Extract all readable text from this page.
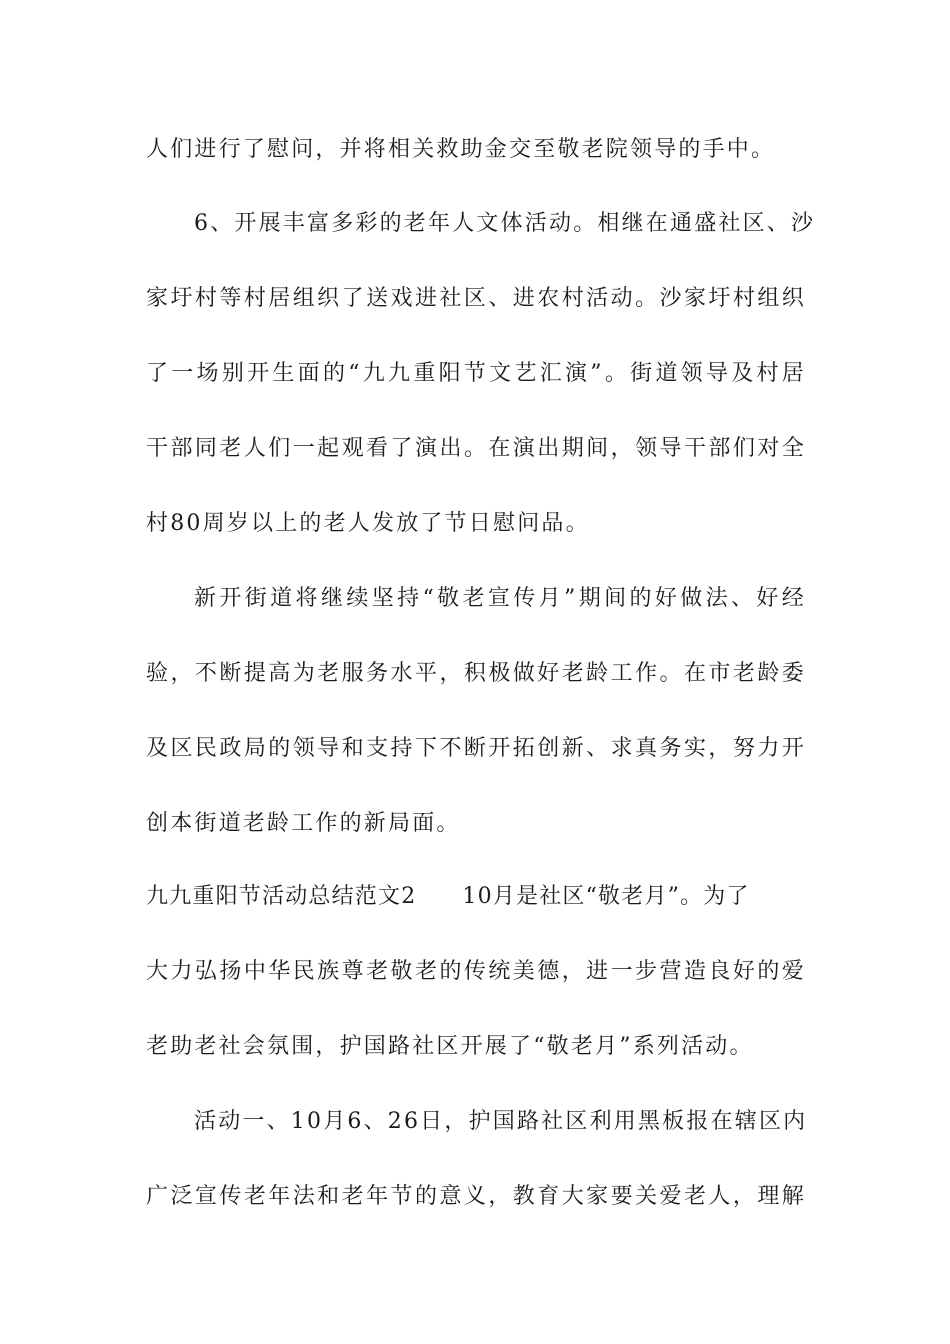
人们进行了慰问，并将相关救助金交至敬老院领导的手中。
6、开展丰富多彩的老年人文体活动。相继在通盛社区、沙
家圩村等村居组织了送戏进社区、进农村活动。沙家圩村组织
了一场别开生面的“九九重阳节文艺汇演”。街道领导及村居
干部同老人们一起观看了演出。在演出期间，领导干部们对全
村80周岁以上的老人发放了节日慰问品。
新开街道将继续坚持“敬老宣传月”期间的好做法、好经
验，不断提高为老服务水平，积极做好老龄工作。在市老龄委
及区民政局的领导和支持下不断开拓创新、求真务实，努力开
创本街道老龄工作的新局面。
九九重阳节活动总结范文2 10月是社区“敬老月”。为了
大力弘扬中华民族尊老敬老的传统美德，进一步营造良好的爱
老助老社会氛围，护国路社区开展了“敬老月”系列活动。
活动一、10月6、26日，护国路社区利用黑板报在辖区内
广泛宣传老年法和老年节的意义，教育大家要关爱老人，理解
